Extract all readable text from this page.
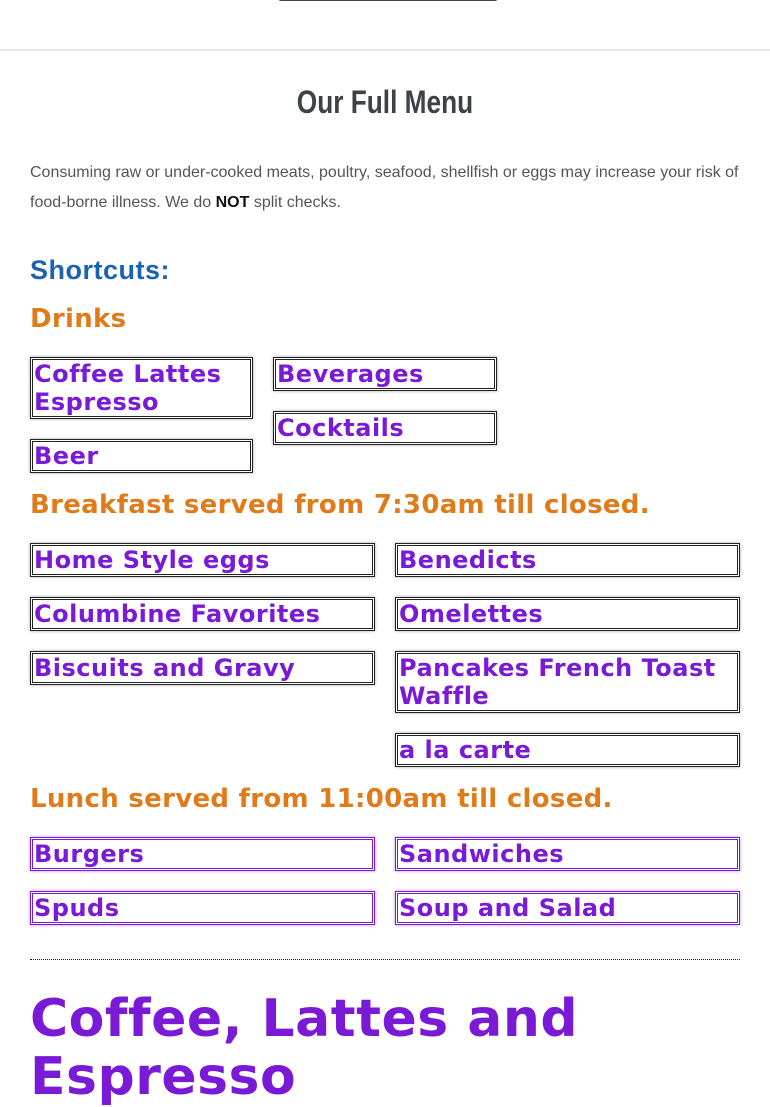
Our Full Menu
Consuming raw or under-cooked meats, poultry, seafood, shellfish or eggs may increase your risk of food-borne illness. We do NOT split checks.
Shortcuts:
Drinks
Coffee Lattes Espresso
Beverages
Cocktails
Beer
Breakfast served from 7:30am till closed.
Home Style eggs	Benedicts
Columbine Favorites	Omelettes
Biscuits and Gravy	Pancakes French Toast Waffle
a la carte
Lunch served from 11:00am till closed.
Burgers	Sandwiches
Spuds	Soup and Salad
Coffee, Lattes and Espresso
